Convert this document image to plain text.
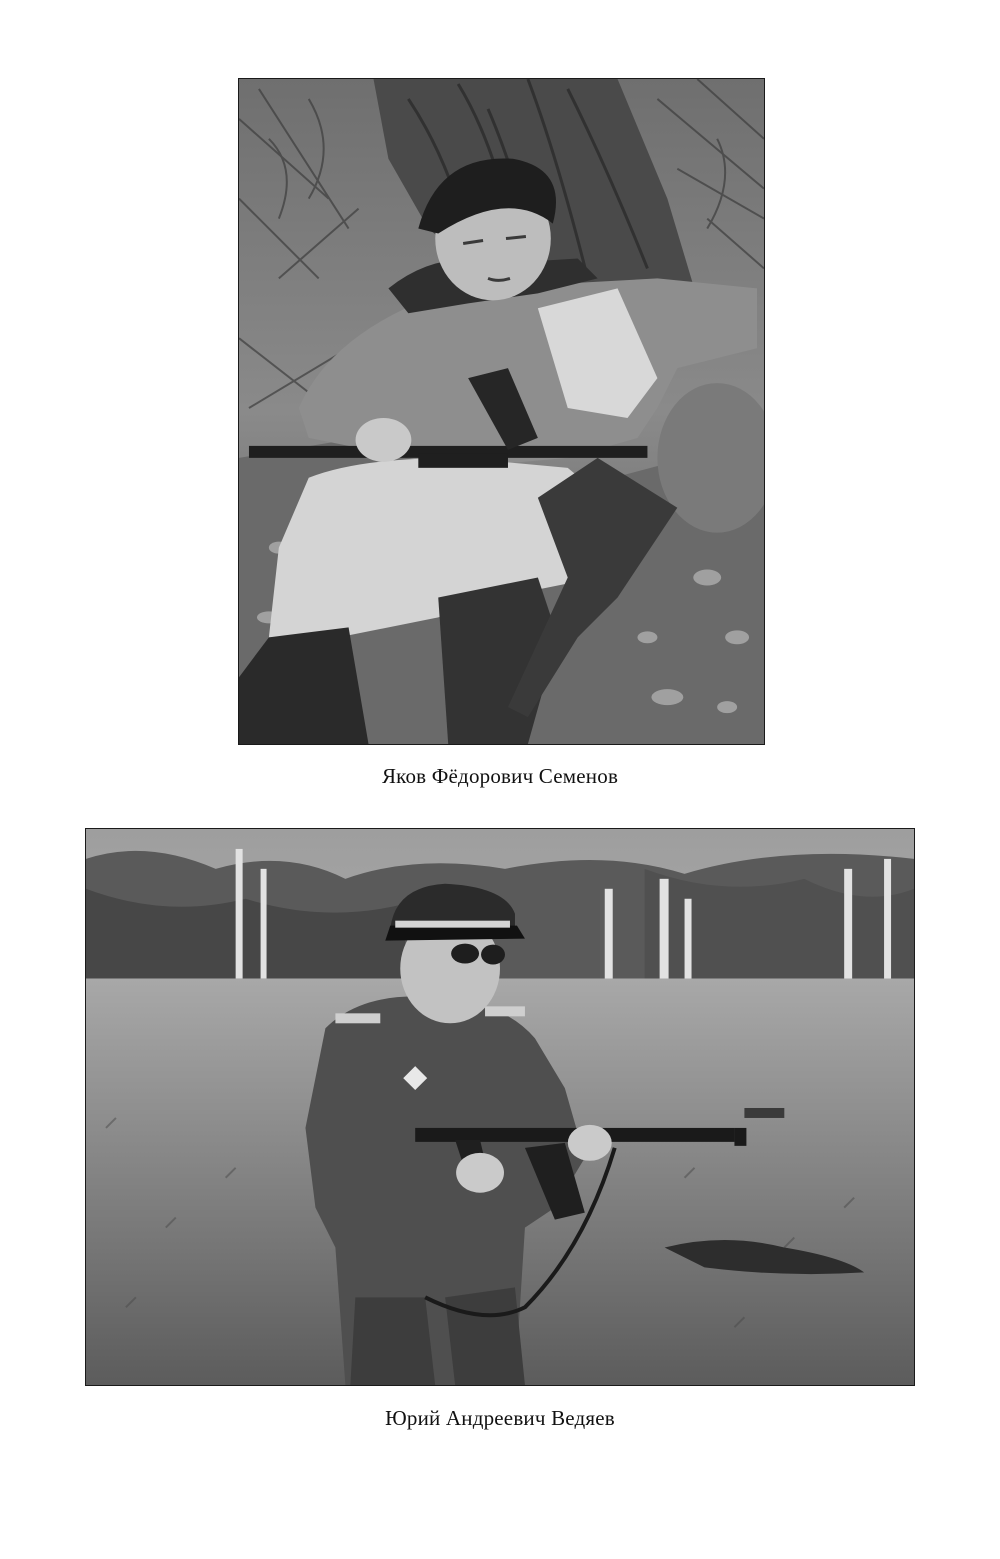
Яков Фёдорович Семенов
Юрий Андреевич Ведяев
